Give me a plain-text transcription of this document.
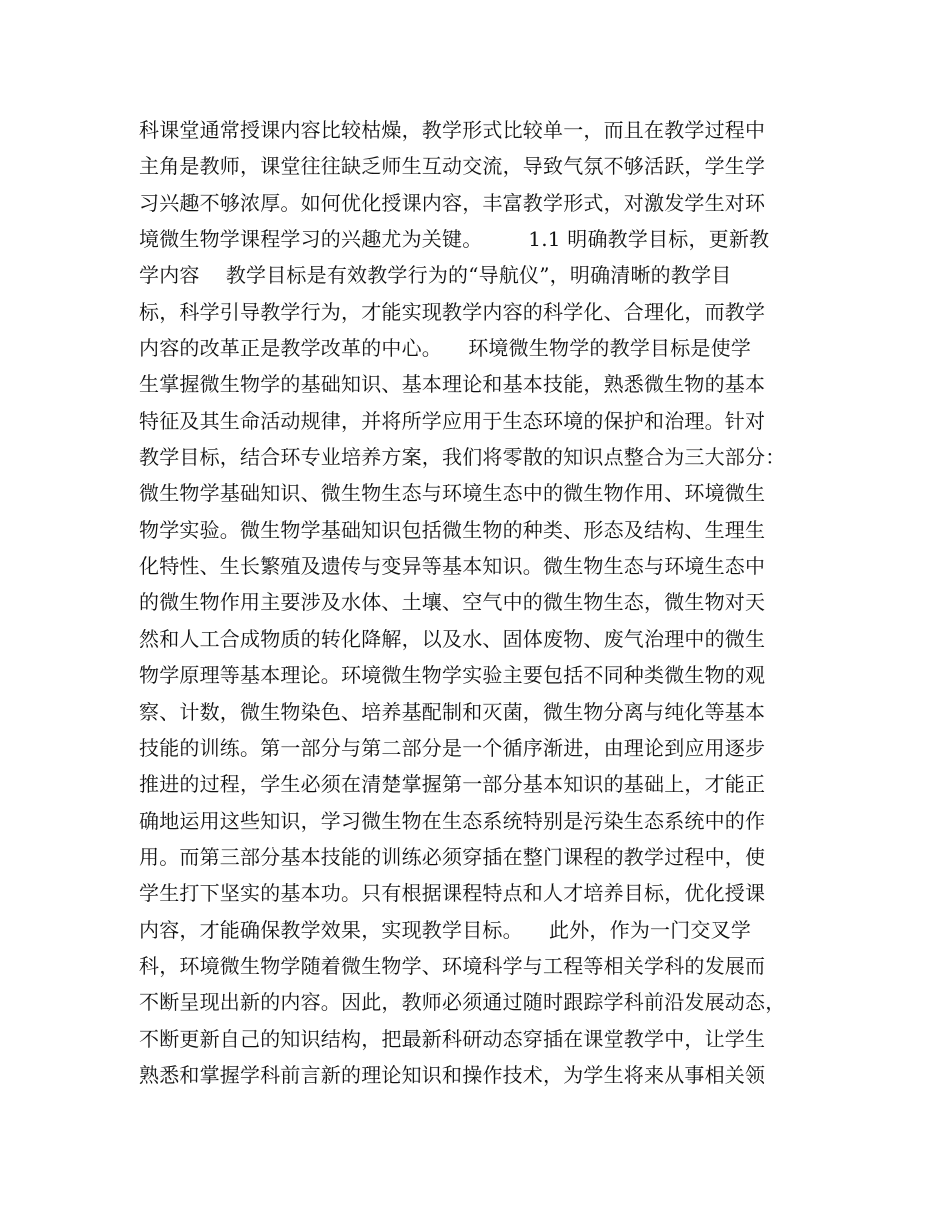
科课堂通常授课内容比较枯燥，教学形式比较单一，而且在教学过程中
主角是教师，课堂往往缺乏师生互动交流，导致气氛不够活跃，学生学
习兴趣不够浓厚。如何优化授课内容，丰富教学形式，对激发学生对环
境微生物学课程学习的兴趣尤为关键。       1.1 明确教学目标，更新教
学内容    教学目标是有效教学行为的“导航仪”，明确清晰的教学目
标，科学引导教学行为，才能实现教学内容的科学化、合理化，而教学
内容的改革正是教学改革的中心。    环境微生物学的教学目标是使学
生掌握微生物学的基础知识、基本理论和基本技能，熟悉微生物的基本
特征及其生命活动规律，并将所学应用于生态环境的保护和治理。针对
教学目标，结合环专业培养方案，我们将零散的知识点整合为三大部分：
微生物学基础知识、微生物生态与环境生态中的微生物作用、环境微生
物学实验。微生物学基础知识包括微生物的种类、形态及结构、生理生
化特性、生长繁殖及遗传与变异等基本知识。微生物生态与环境生态中
的微生物作用主要涉及水体、土壤、空气中的微生物生态，微生物对天
然和人工合成物质的转化降解，以及水、固体废物、废气治理中的微生
物学原理等基本理论。环境微生物学实验主要包括不同种类微生物的观
察、计数，微生物染色、培养基配制和灭菌，微生物分离与纯化等基本
技能的训练。第一部分与第二部分是一个循序渐进，由理论到应用逐步
推进的过程，学生必须在清楚掌握第一部分基本知识的基础上，才能正
确地运用这些知识，学习微生物在生态系统特别是污染生态系统中的作
用。而第三部分基本技能的训练必须穿插在整门课程的教学过程中，使
学生打下坚实的基本功。只有根据课程特点和人才培养目标，优化授课
内容，才能确保教学效果，实现教学目标。    此外，作为一门交叉学
科，环境微生物学随着微生物学、环境科学与工程等相关学科的发展而
不断呈现出新的内容。因此，教师必须通过随时跟踪学科前沿发展动态，
不断更新自己的知识结构，把最新科研动态穿插在课堂教学中，让学生
熟悉和掌握学科前言新的理论知识和操作技术，为学生将来从事相关领
